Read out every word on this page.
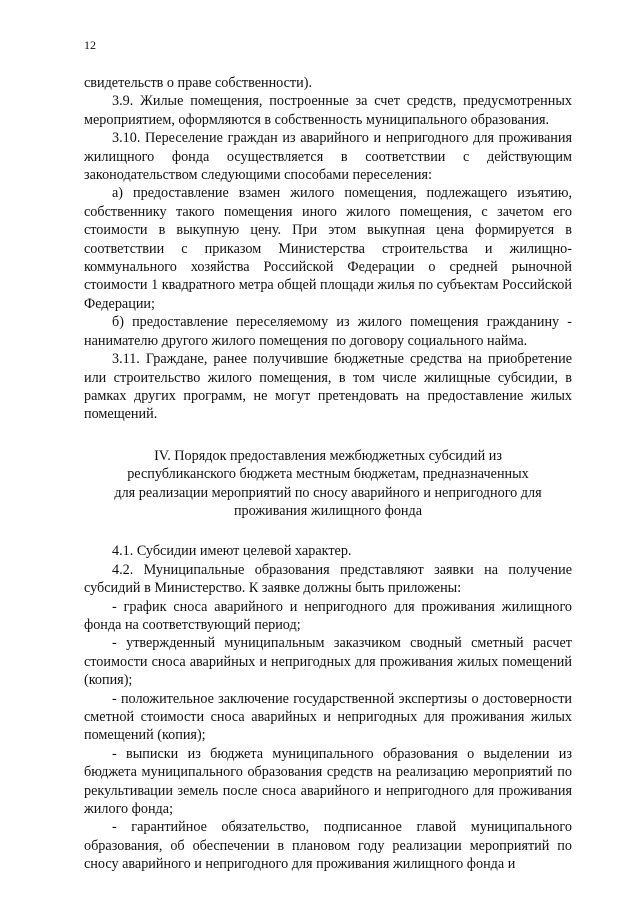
12

свидетельств о праве собственности).

3.9. Жилые помещения, построенные за счет средств, предусмотренных мероприятием, оформляются в собственность муниципального образования.

3.10. Переселение граждан из аварийного и непригодного для проживания жилищного фонда осуществляется в соответствии с действующим законодательством следующими способами переселения:

а) предоставление взамен жилого помещения, подлежащего изъятию, собственнику такого помещения иного жилого помещения, с зачетом его стоимости в выкупную цену. При этом выкупная цена формируется в соответствии с приказом Министерства строительства и жилищно-коммунального хозяйства Российской Федерации о средней рыночной стоимости 1 квадратного метра общей площади жилья по субъектам Российской Федерации;

б) предоставление переселяемому из жилого помещения гражданину - нанимателю другого жилого помещения по договору социального найма.

3.11. Граждане, ранее получившие бюджетные средства на приобретение или строительство жилого помещения, в том числе жилищные субсидии, в рамках других программ, не могут претендовать на предоставление жилых помещений.

IV. Порядок предоставления межбюджетных субсидий из
республиканского бюджета местным бюджетам, предназначенных
для реализации мероприятий по сносу аварийного и непригодного для
проживания жилищного фонда

4.1. Субсидии имеют целевой характер.

4.2. Муниципальные образования представляют заявки на получение субсидий в Министерство. К заявке должны быть приложены:

- график сноса аварийного и непригодного для проживания жилищного фонда на соответствующий период;

- утвержденный муниципальным заказчиком сводный сметный расчет стоимости сноса аварийных и непригодных для проживания жилых помещений (копия);

- положительное заключение государственной экспертизы о достоверности сметной стоимости сноса аварийных и непригодных для проживания жилых помещений (копия);

- выписки из бюджета муниципального образования о выделении из бюджета муниципального образования средств на реализацию мероприятий по рекультивации земель после сноса аварийного и непригодного для проживания жилого фонда;

- гарантийное обязательство, подписанное главой муниципального образования, об обеспечении в плановом году реализации мероприятий по сносу аварийного и непригодного для проживания жилищного фонда и
